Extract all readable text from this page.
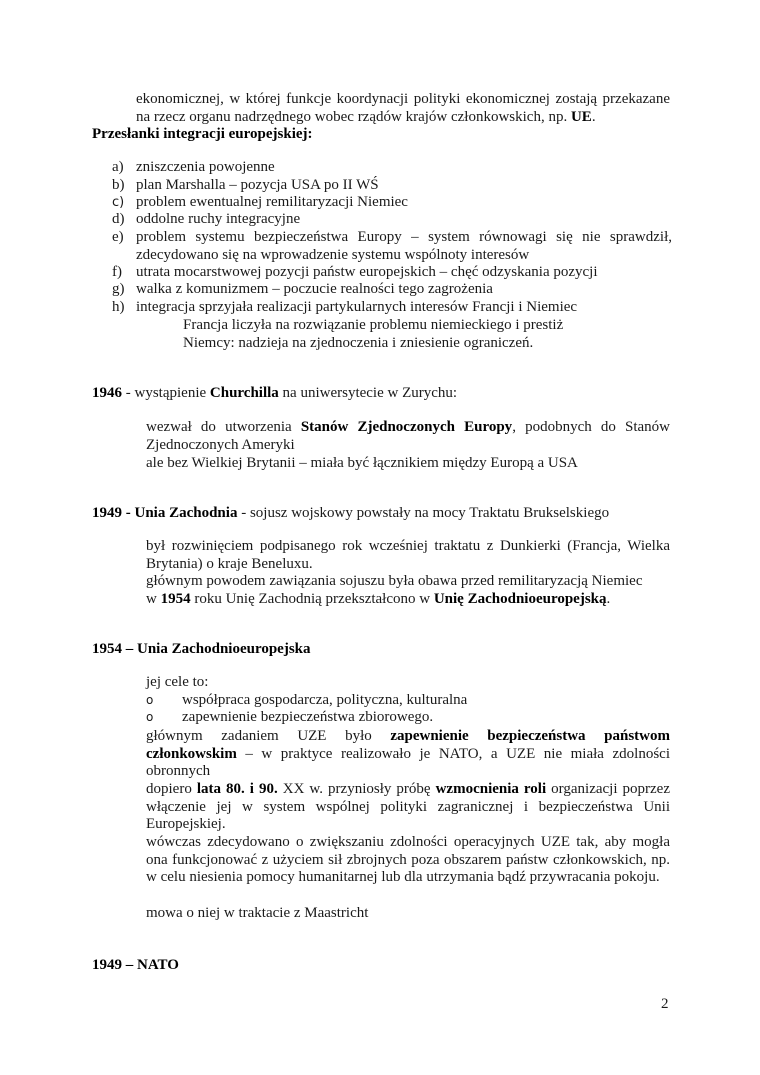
ekonomicznej, w której funkcje koordynacji polityki ekonomicznej zostają przekazane na rzecz organu nadrzędnego wobec rządów krajów członkowskich, np. UE.
Przesłanki integracji europejskiej:
a) zniszczenia powojenne
b) plan Marshalla – pozycja USA po II WŚ
c) problem ewentualnej remilitaryzacji Niemiec
d) oddolne ruchy integracyjne
e) problem systemu bezpieczeństwa Europy – system równowagi się nie sprawdził, zdecydowano się na wprowadzenie systemu wspólnoty interesów
f) utrata mocarstwowej pozycji państw europejskich – chęć odzyskania pozycji
g) walka z komunizmem – poczucie realności tego zagrożenia
h) integracja sprzyjała realizacji partykularnych interesów Francji i Niemiec
Francja liczyła na rozwiązanie problemu niemieckiego i prestiż
Niemcy: nadzieja na zjednoczenia i zniesienie ograniczeń.
1946 - wystąpienie Churchilla na uniwersytecie w Zurychu:
wezwał do utworzenia Stanów Zjednoczonych Europy, podobnych do Stanów Zjednoczonych Ameryki
ale bez Wielkiej Brytanii – miała być łącznikiem między Europą a USA
1949 - Unia Zachodnia - sojusz wojskowy powstały na mocy Traktatu Brukselskiego
był rozwinięciem podpisanego rok wcześniej traktatu z Dunkierki (Francja, Wielka Brytania) o kraje Beneluxu.
głównym powodem zawiązania sojuszu była obawa przed remilitaryzacją Niemiec
w 1954 roku Unię Zachodnią przekształcono w Unię Zachodnioeuropejską.
1954 – Unia Zachodnioeuropejska
jej cele to:
o współpraca gospodarcza, polityczna, kulturalna
o zapewnienie bezpieczeństwa zbiorowego.
głównym zadaniem UZE było zapewnienie bezpieczeństwa państwom członkowskim – w praktyce realizowało je NATO, a UZE nie miała zdolności obronnych
dopiero lata 80. i 90. XX w. przyniosły próbę wzmocnienia roli organizacji poprzez włączenie jej w system wspólnej polityki zagranicznej i bezpieczeństwa Unii Europejskiej.
wówczas zdecydowano o zwiększaniu zdolności operacyjnych UZE tak, aby mogła ona funkcjonować z użyciem sił zbrojnych poza obszarem państw członkowskich, np. w celu niesienia pomocy humanitarnej lub dla utrzymania bądź przywracania pokoju.
mowa o niej w traktacie z Maastricht
1949 – NATO
2
